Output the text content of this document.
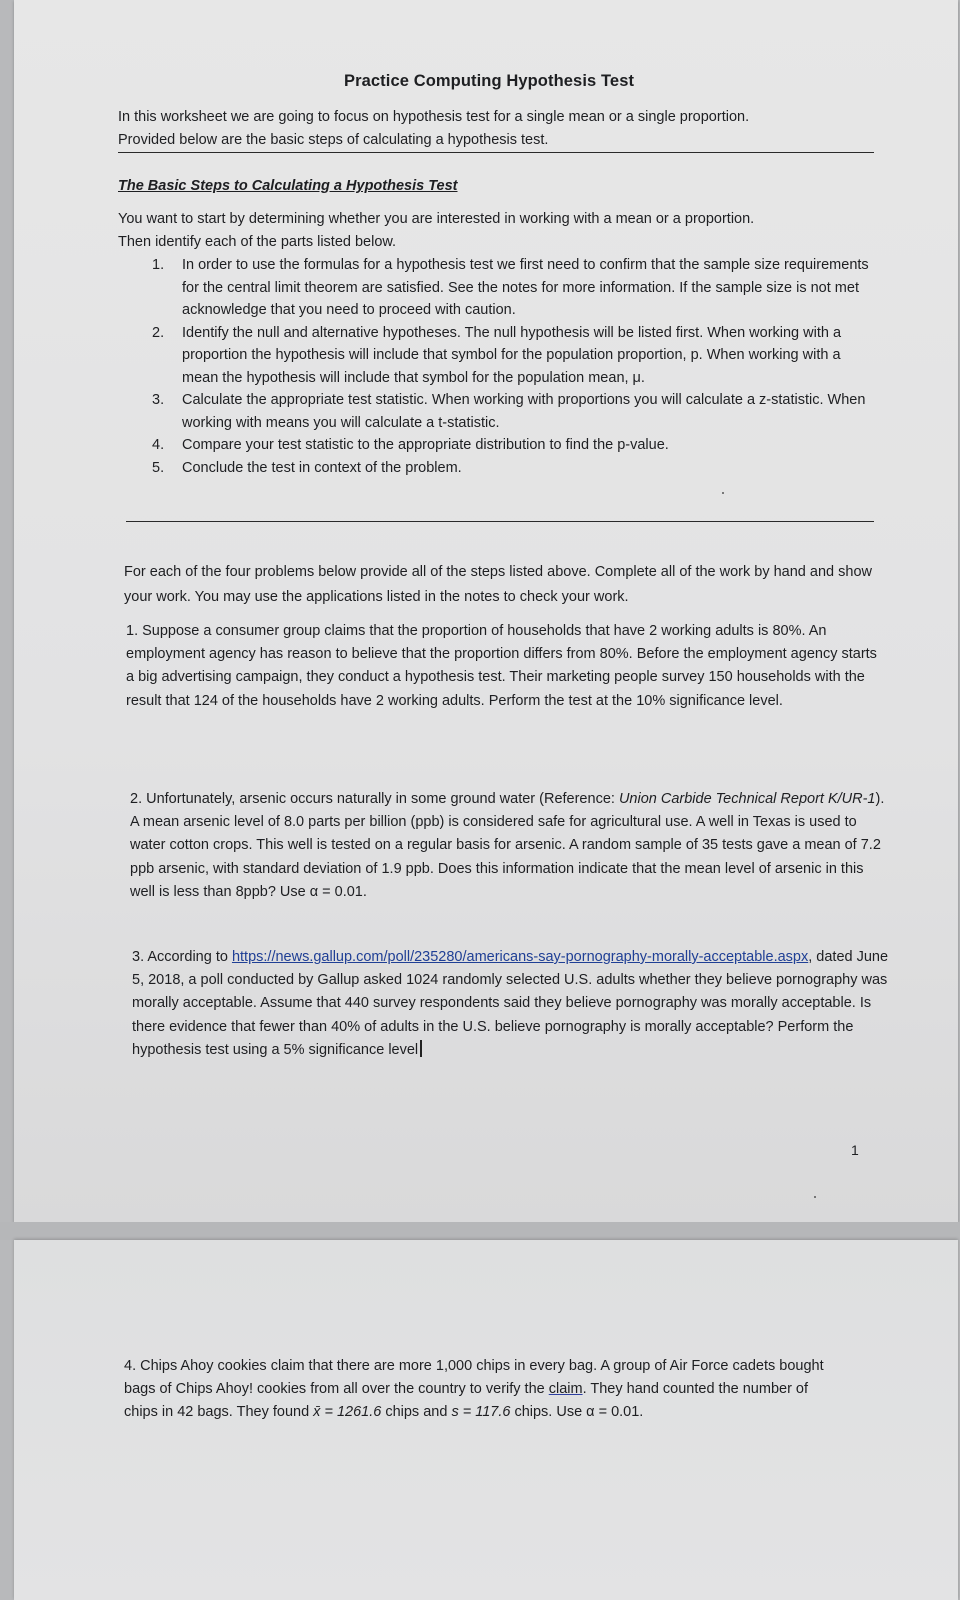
Practice Computing Hypothesis Test
In this worksheet we are going to focus on hypothesis test for a single mean or a single proportion.
Provided below are the basic steps of calculating a hypothesis test.
The Basic Steps to Calculating a Hypothesis Test
You want to start by determining whether you are interested in working with a mean or a proportion.
Then identify each of the parts listed below.
1. In order to use the formulas for a hypothesis test we first need to confirm that the sample size requirements for the central limit theorem are satisfied. See the notes for more information. If the sample size is not met acknowledge that you need to proceed with caution.
2. Identify the null and alternative hypotheses. The null hypothesis will be listed first. When working with a proportion the hypothesis will include that symbol for the population proportion, p. When working with a mean the hypothesis will include that symbol for the population mean, μ.
3. Calculate the appropriate test statistic. When working with proportions you will calculate a z-statistic. When working with means you will calculate a t-statistic.
4. Compare your test statistic to the appropriate distribution to find the p-value.
5. Conclude the test in context of the problem.
For each of the four problems below provide all of the steps listed above. Complete all of the work by hand and show your work. You may use the applications listed in the notes to check your work.
1. Suppose a consumer group claims that the proportion of households that have 2 working adults is 80%. An employment agency has reason to believe that the proportion differs from 80%. Before the employment agency starts a big advertising campaign, they conduct a hypothesis test. Their marketing people survey 150 households with the result that 124 of the households have 2 working adults. Perform the test at the 10% significance level.
2. Unfortunately, arsenic occurs naturally in some ground water (Reference: Union Carbide Technical Report K/UR-1). A mean arsenic level of 8.0 parts per billion (ppb) is considered safe for agricultural use. A well in Texas is used to water cotton crops. This well is tested on a regular basis for arsenic. A random sample of 35 tests gave a mean of 7.2 ppb arsenic, with standard deviation of 1.9 ppb. Does this information indicate that the mean level of arsenic in this well is less than 8ppb? Use α = 0.01.
3. According to https://news.gallup.com/poll/235280/americans-say-pornography-morally-acceptable.aspx, dated June 5, 2018, a poll conducted by Gallup asked 1024 randomly selected U.S. adults whether they believe pornography was morally acceptable. Assume that 440 survey respondents said they believe pornography was morally acceptable. Is there evidence that fewer than 40% of adults in the U.S. believe pornography is morally acceptable? Perform the hypothesis test using a 5% significance level
1
4. Chips Ahoy cookies claim that there are more 1,000 chips in every bag. A group of Air Force cadets bought bags of Chips Ahoy! cookies from all over the country to verify the claim. They hand counted the number of chips in 42 bags. They found x̄ = 1261.6 chips and s = 117.6 chips. Use α = 0.01.
